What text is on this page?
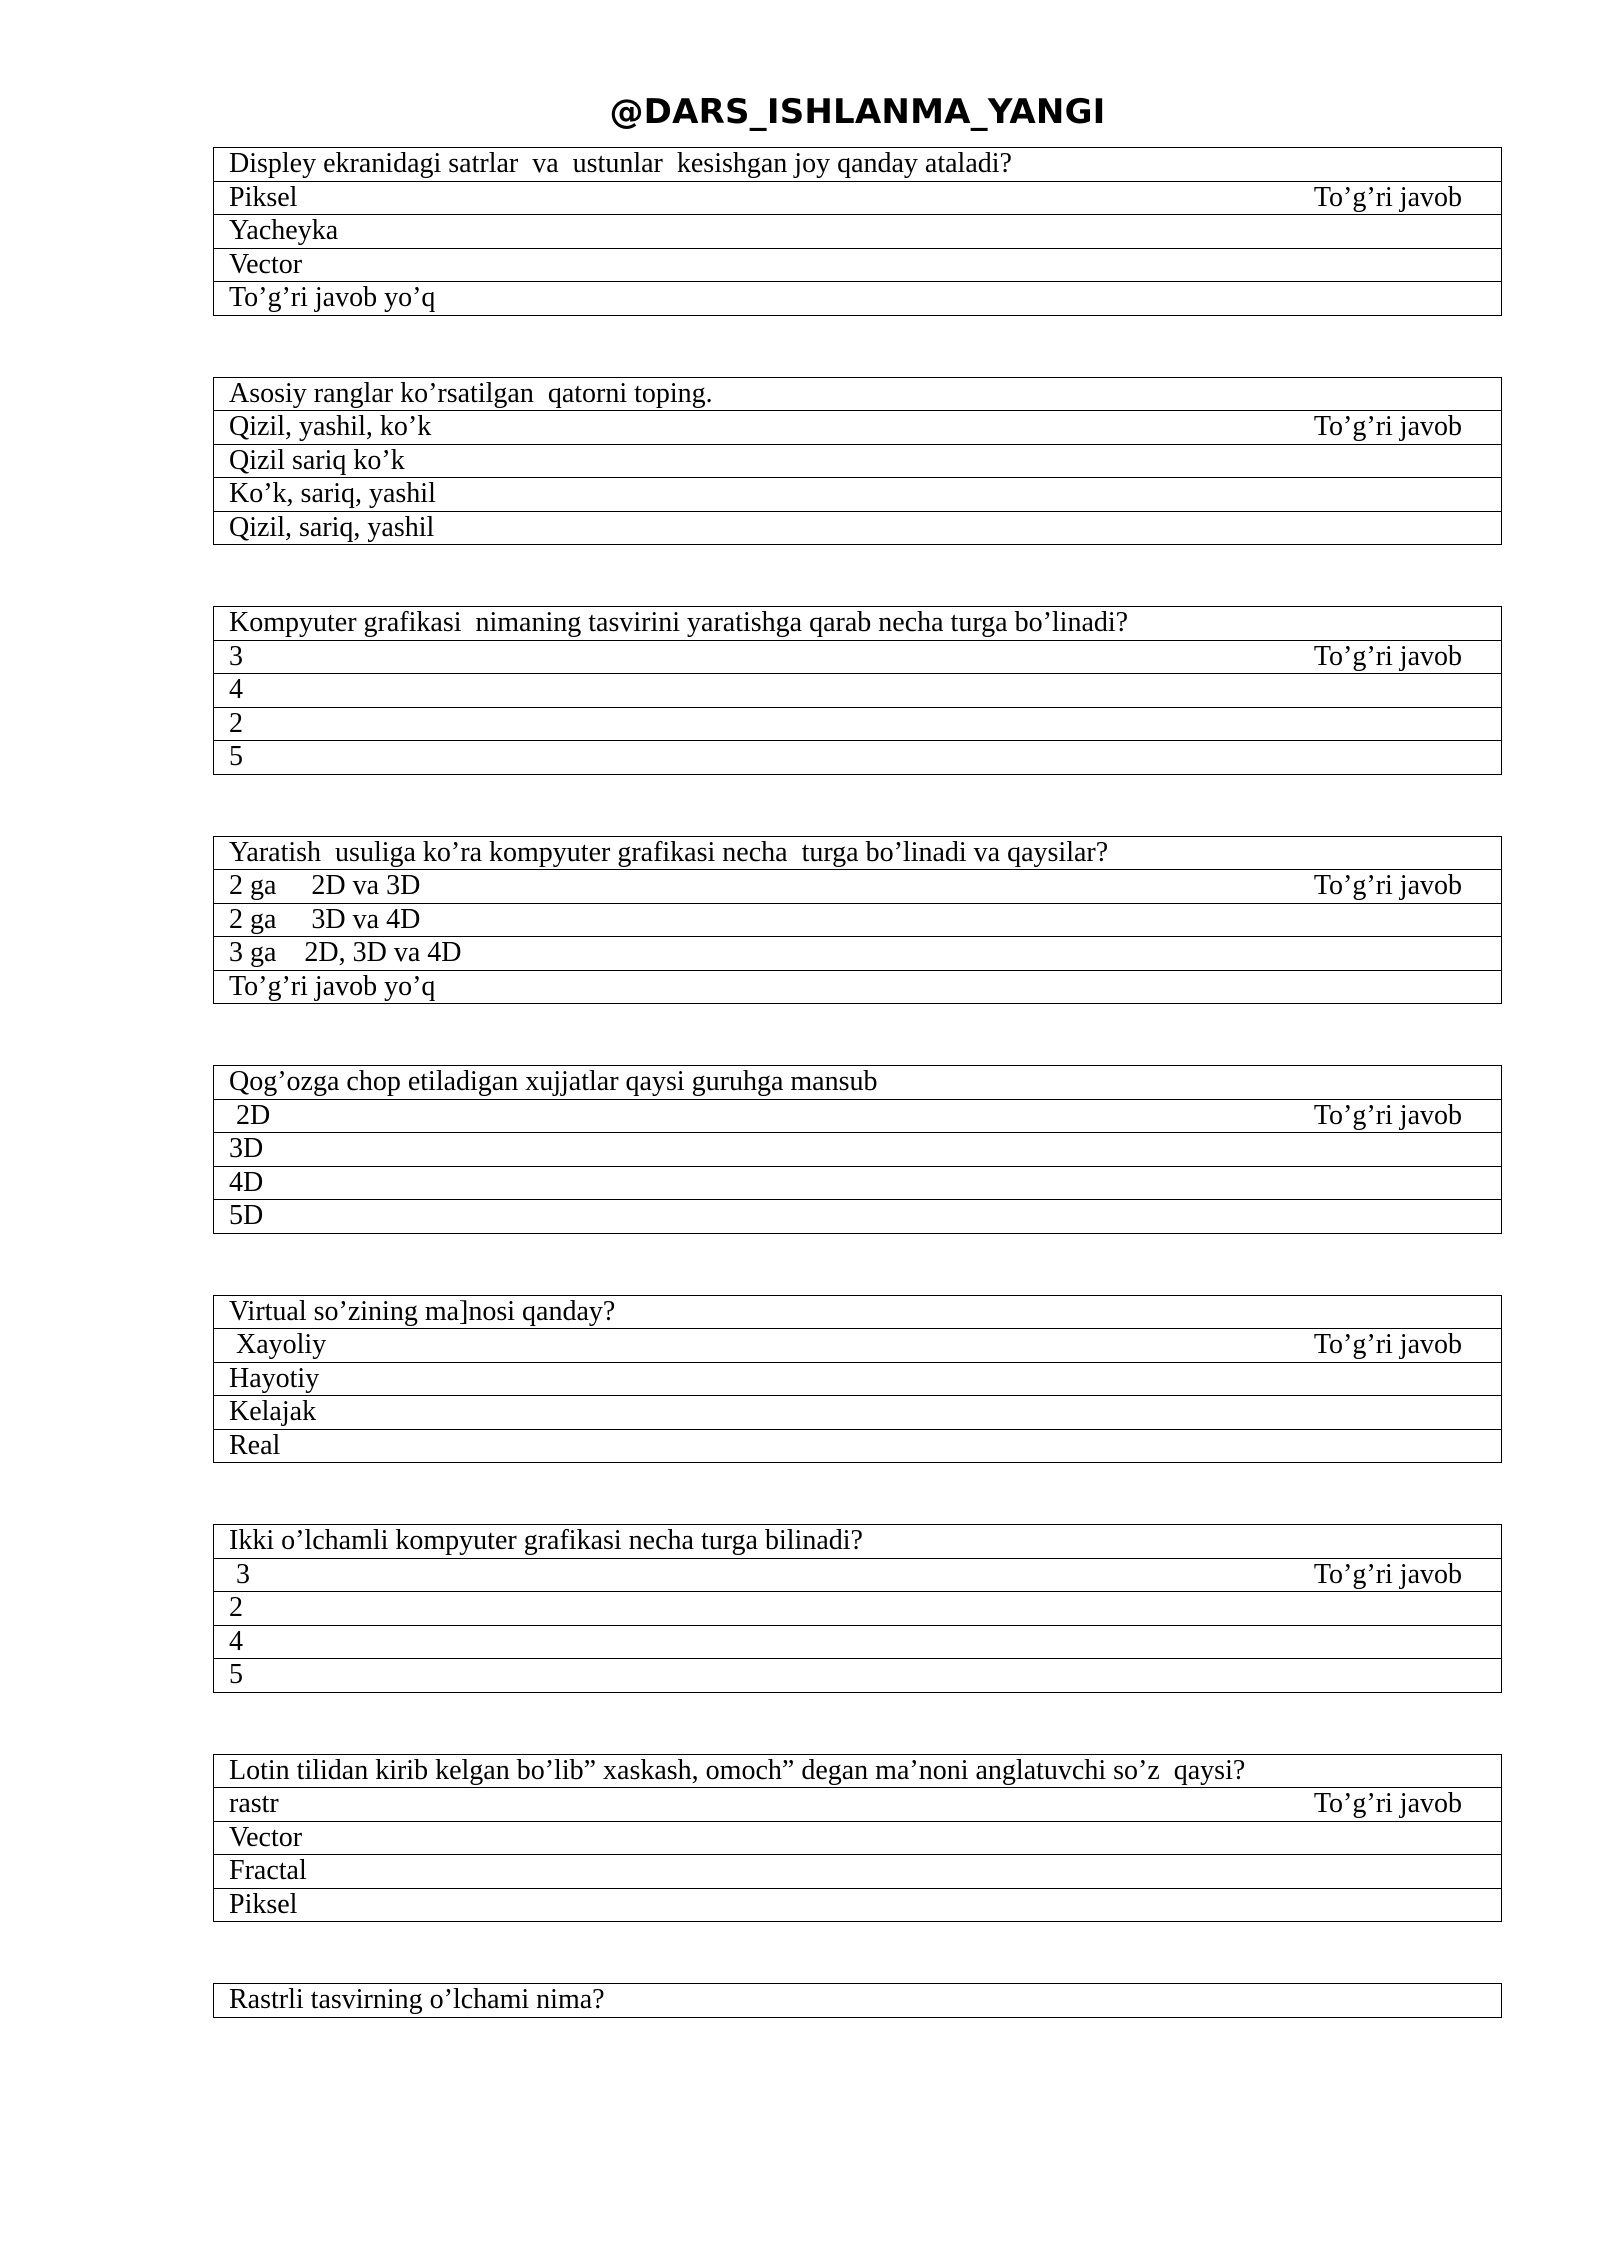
@DARS_ISHLANMA_YANGI
Displey ekranidagi satrlar  va  ustunlar  kesishgan joy qanday ataladi?

Piksel	To’g’ri javob

Yacheyka
Vector
To’g’ri javob yo’q
Asosiy ranglar ko’rsatilgan  qatorni toping.

Qizil, yashil, ko’k	To’g’ri javob

Qizil sariq ko’k
Ko’k, sariq, yashil
Qizil, sariq, yashil
Kompyuter grafikasi  nimaning tasvirini yaratishga qarab necha turga bo’linadi?

3	To’g’ri javob

4
2
5
Yaratish  usuliga ko’ra kompyuter grafikasi necha  turga bo’linadi va qaysilar?

2 ga     2D va 3D	To’g’ri javob

2 ga     3D va 4D
3 ga    2D, 3D va 4D
To’g’ri javob yo’q
Qog’ozga chop etiladigan xujjatlar qaysi guruhga mansub

2D	To’g’ri javob

3D
4D
5D
Virtual so’zining ma]nosi qanday?

Xayoliy	To’g’ri javob

Hayotiy
Kelajak
Real
Ikki o’lchamli kompyuter grafikasi necha turga bilinadi?

3	To’g’ri javob

2
4
5
Lotin tilidan kirib kelgan bo’lib” xaskash, omoch” degan ma’noni anglatuvchi so’z  qaysi?

rastr	To’g’ri javob

Vector
Fractal
Piksel
Rastrli tasvirning o’lchami nima?
